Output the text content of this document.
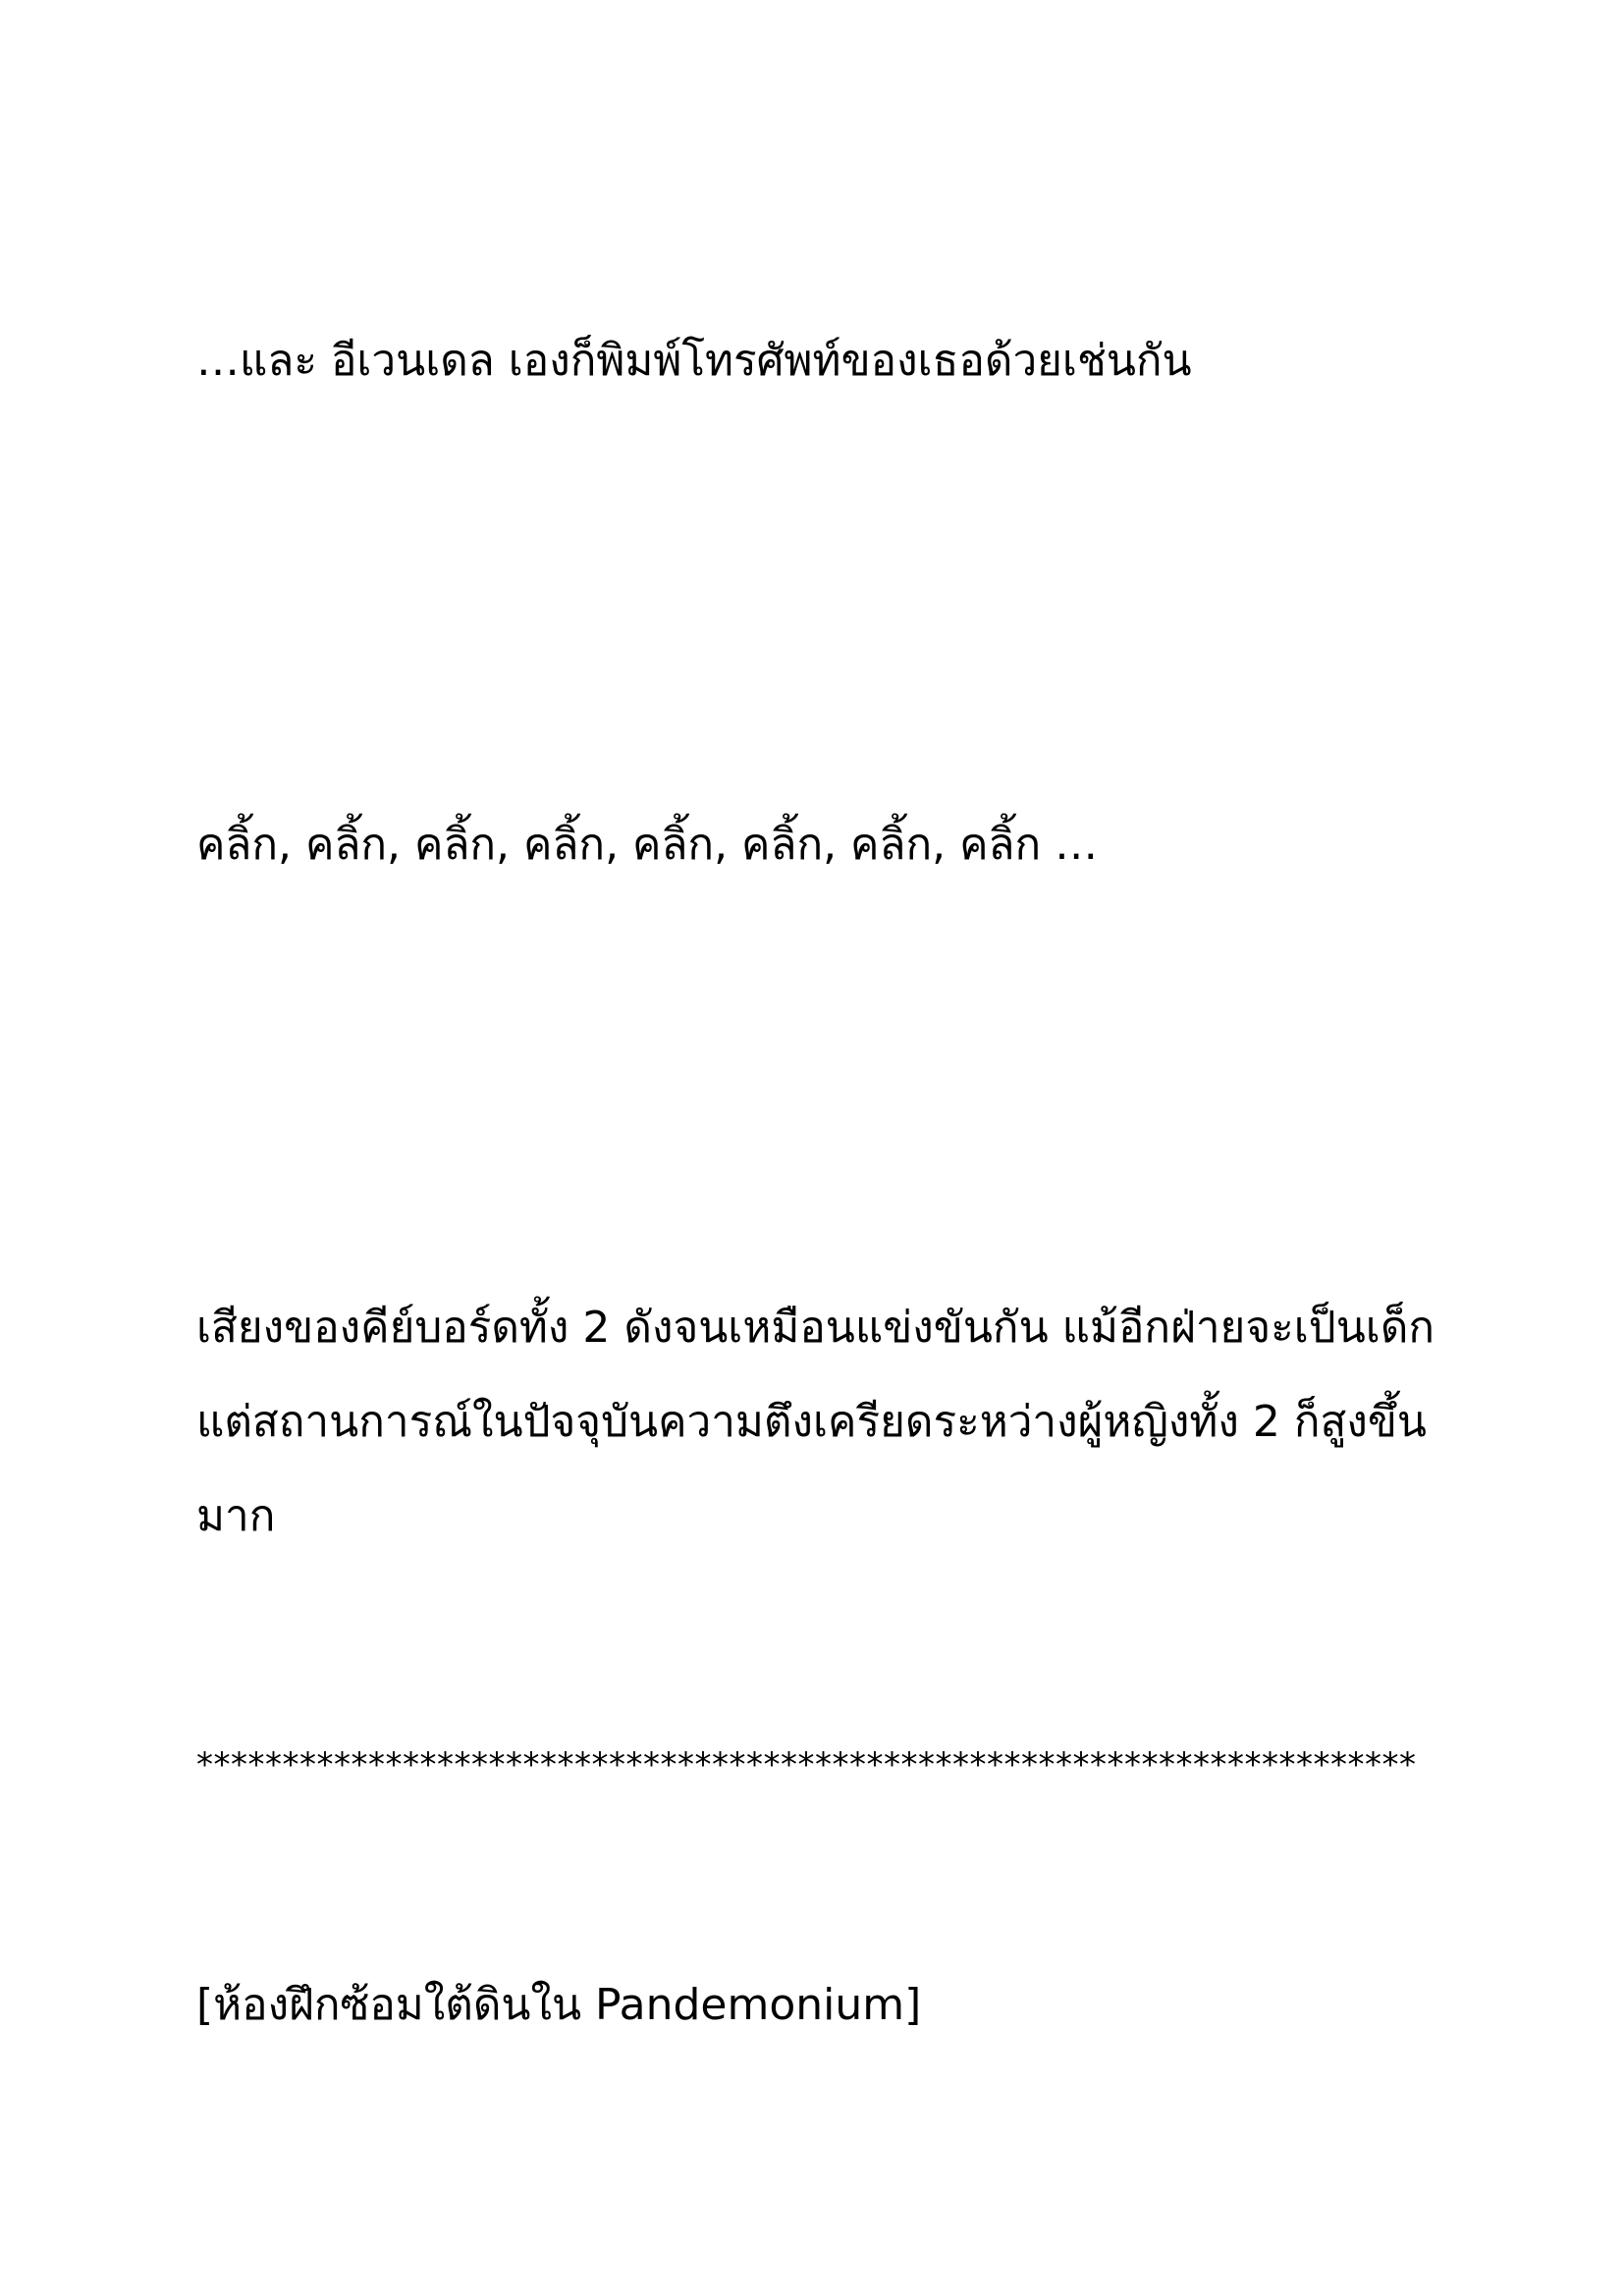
…และ อีเวนเดล เองก็พิมพ์โทรศัพท์ของเธอด้วยเช่นกัน

คลิ้ก, คลิ้ก, คลิ้ก, คลิ้ก, คลิ้ก, คลิ้ก, คลิ้ก, คลิ้ก …

เสียงของคีย์บอร์ดทั้ง 2 ดังจนเหมือนแข่งขันกัน แม้อีกฝ่ายจะเป็นเด็ก
แต่สถานการณ์ในปัจจุบันความตึงเครียดระหว่างผู้หญิงทั้ง 2 ก็สูงขึ้น
มาก

***********************************************************************

[ห้องฝึกซ้อมใต้ดินใน Pandemonium]
